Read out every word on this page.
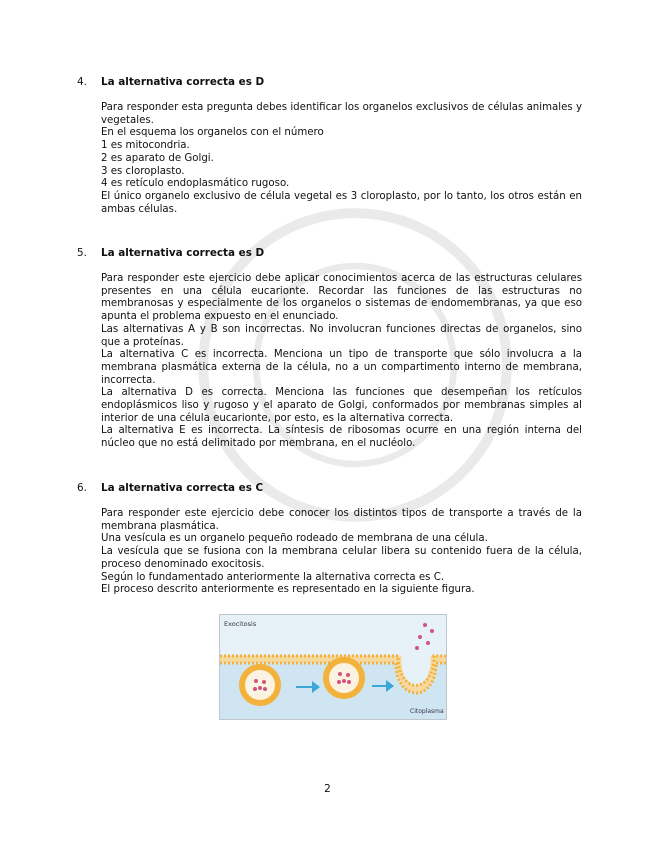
4.	La alternativa correcta es D

Para responder esta pregunta debes identificar los organelos exclusivos de células animales y vegetales.

En el esquema los organelos con el número

1 es mitocondria.

2 es aparato de Golgi.

3 es cloroplasto.

4 es retículo endoplasmático rugoso.

El único organelo exclusivo de célula vegetal es 3 cloroplasto, por lo tanto, los otros están en ambas células.

5.	La alternativa correcta es D

Para responder este ejercicio debe aplicar conocimientos acerca de las estructuras celulares presentes en una célula eucarionte. Recordar las funciones de las estructuras no membranosas y especialmente de los organelos o sistemas de endomembranas, ya que eso apunta el problema expuesto en el enunciado.

Las alternativas A y B son incorrectas. No involucran funciones directas de organelos, sino que a proteínas.

La alternativa C es incorrecta. Menciona un tipo de transporte que sólo involucra a la membrana plasmática externa de la célula, no a un compartimento interno de membrana, incorrecta.

La alternativa D es correcta. Menciona las funciones que desempeñan los retículos endoplásmicos liso y rugoso y el aparato de Golgi, conformados por membranas simples al interior de una célula eucarionte, por esto, es la alternativa correcta.

La alternativa E es incorrecta. La síntesis de ribosomas ocurre en una región interna del núcleo que no está delimitado por membrana, en el nucléolo.

6.	La alternativa correcta es C

Para responder este ejercicio debe conocer los distintos tipos de transporte a través de la membrana plasmática.

Una vesícula es un organelo pequeño rodeado de membrana de una célula.

La vesícula que se fusiona con la membrana celular libera su contenido fuera de la célula, proceso denominado exocitosis.

Según lo fundamentado anteriormente la alternativa correcta es C.

El proceso descrito anteriormente es representado en la siguiente figura.

Exocitosis
Citoplasma
2
